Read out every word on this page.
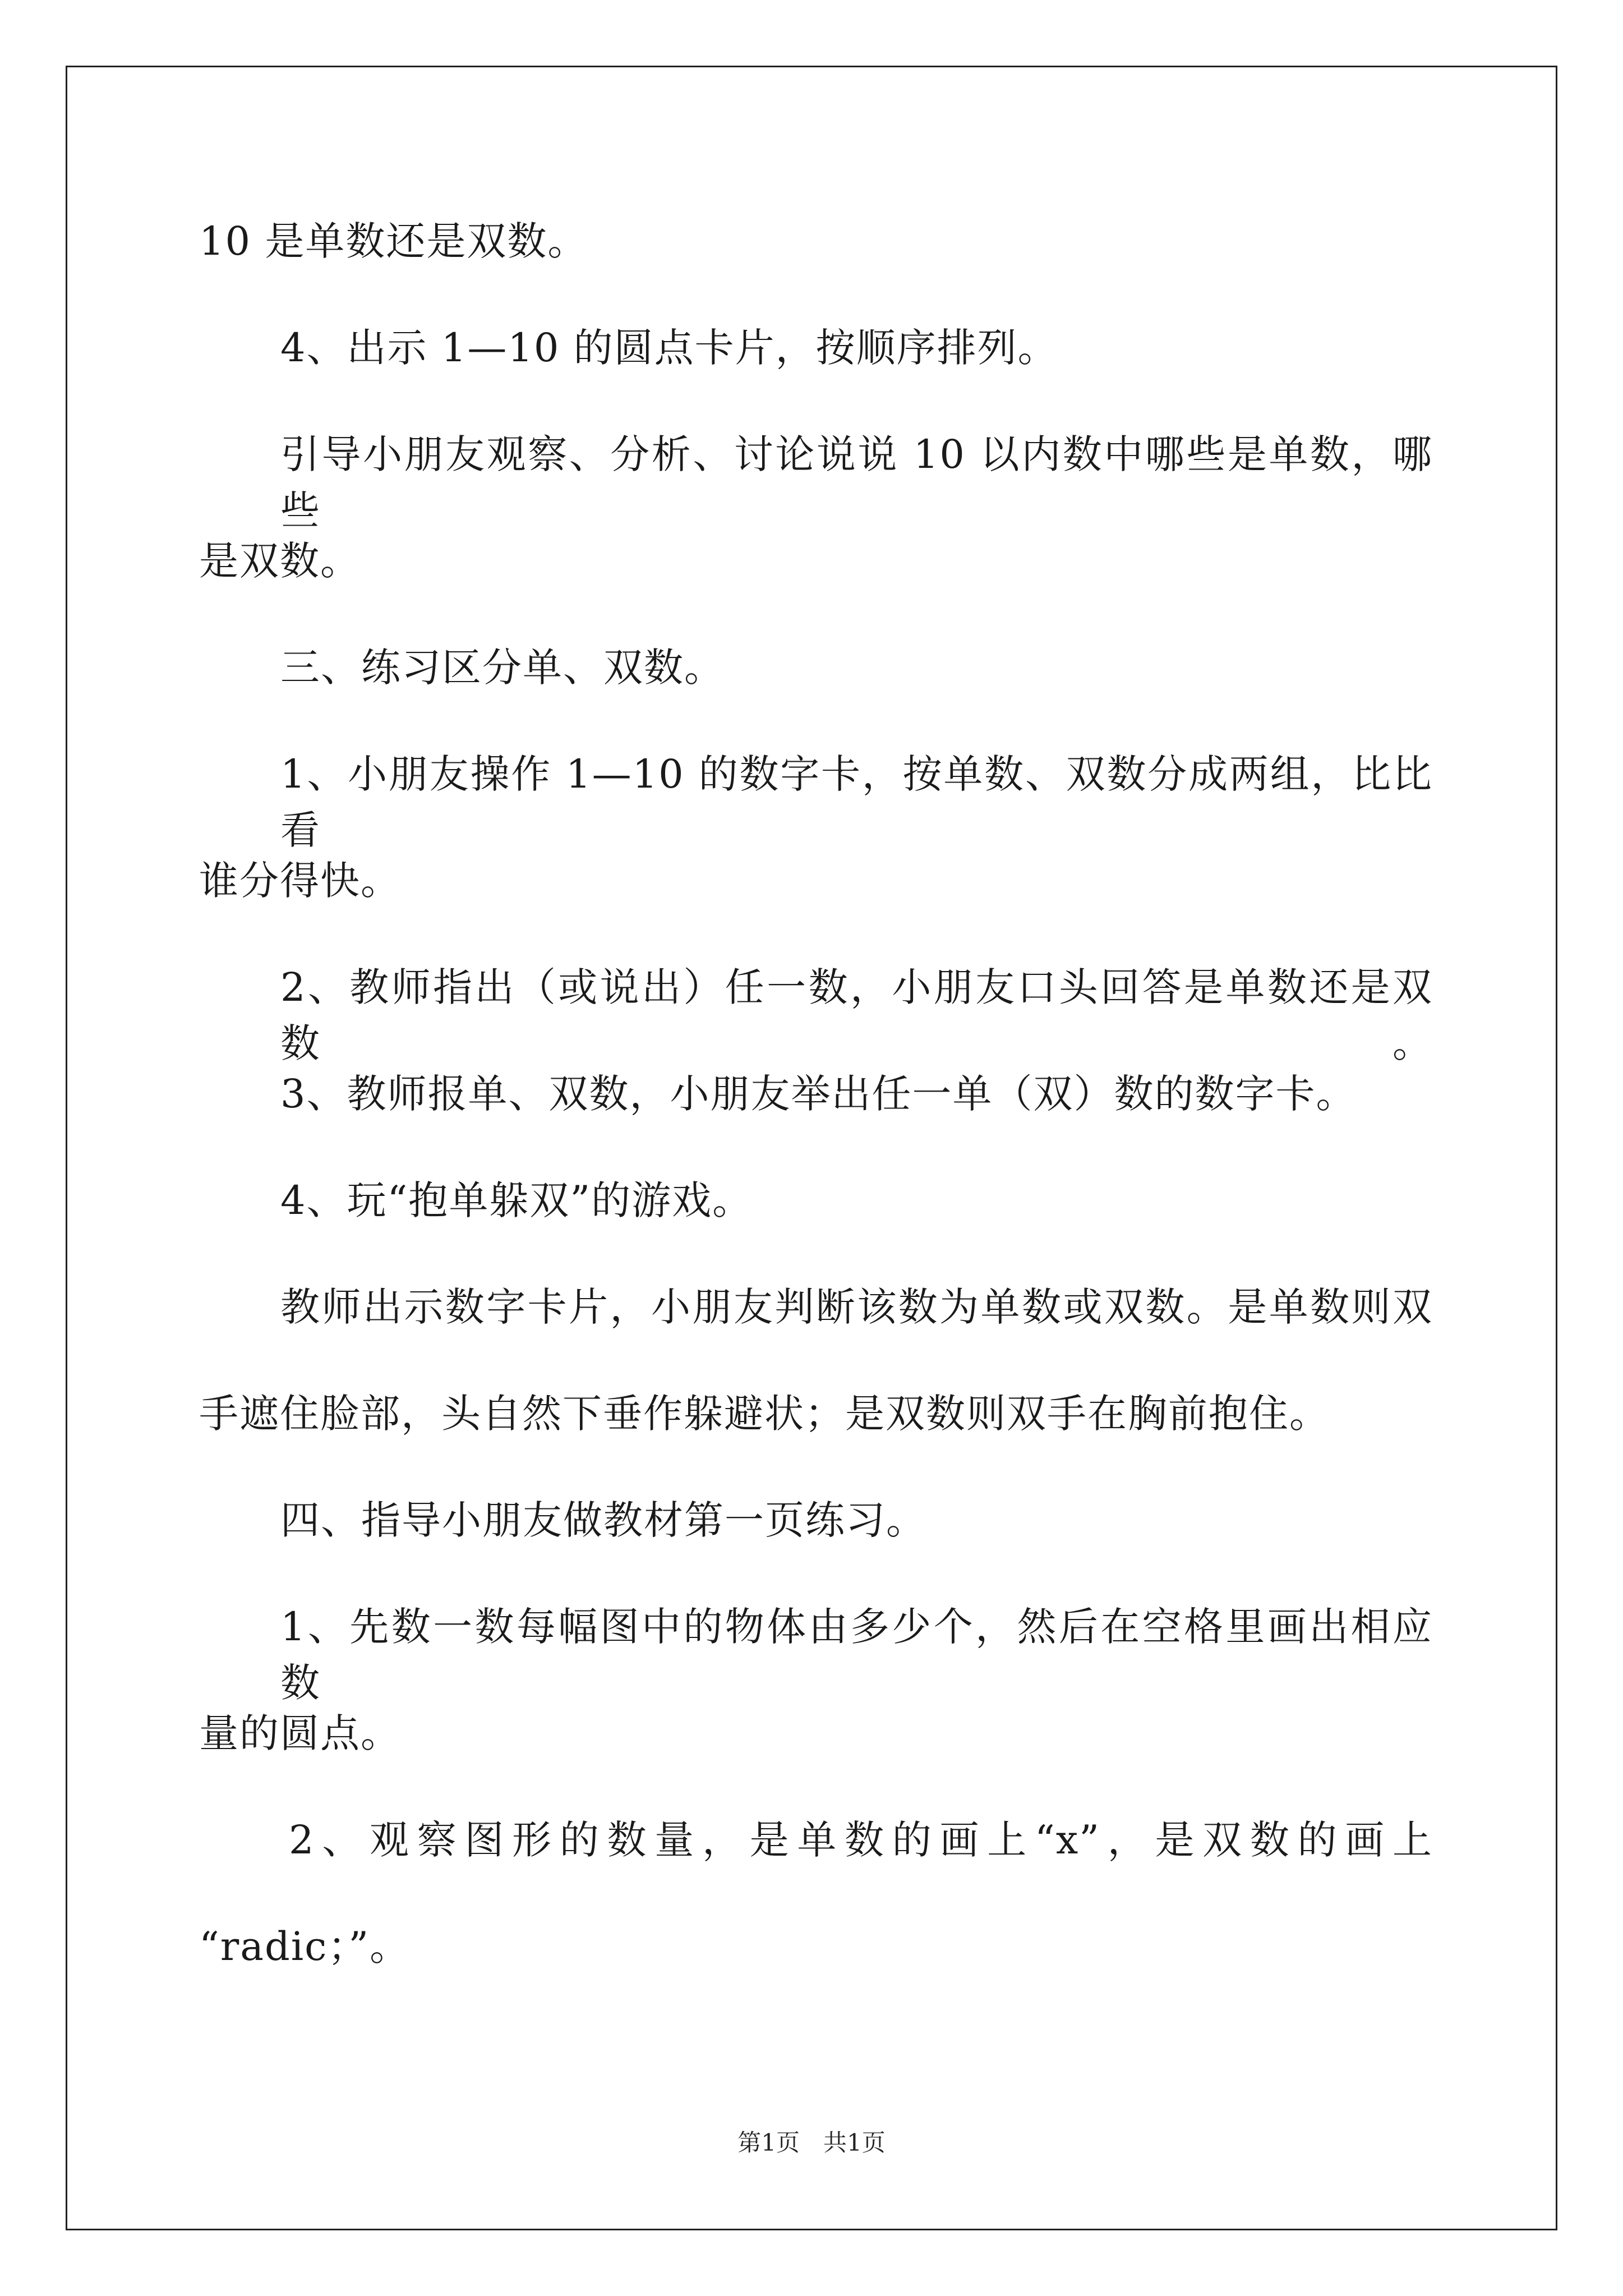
10 是单数还是双数。
4、出示 1—10 的圆点卡片，按顺序排列。
引导小朋友观察、分析、讨论说说 10 以内数中哪些是单数，哪些
是双数。
三、练习区分单、双数。
1、小朋友操作 1—10 的数字卡，按单数、双数分成两组，比比看
谁分得快。
2、教师指出（或说出）任一数，小朋友口头回答是单数还是双数。
3、教师报单、双数，小朋友举出任一单（双）数的数字卡。
4、玩“抱单躲双”的游戏。
教师出示数字卡片，小朋友判断该数为单数或双数。是单数则双
手遮住脸部，头自然下垂作躲避状；是双数则双手在胸前抱住。
四、指导小朋友做教材第一页练习。
1、先数一数每幅图中的物体由多少个，然后在空格里画出相应数
量的圆点。
2、观察图形的数量，是单数的画上“x”，是双数的画上
“radic；”。
第1页　共1页
